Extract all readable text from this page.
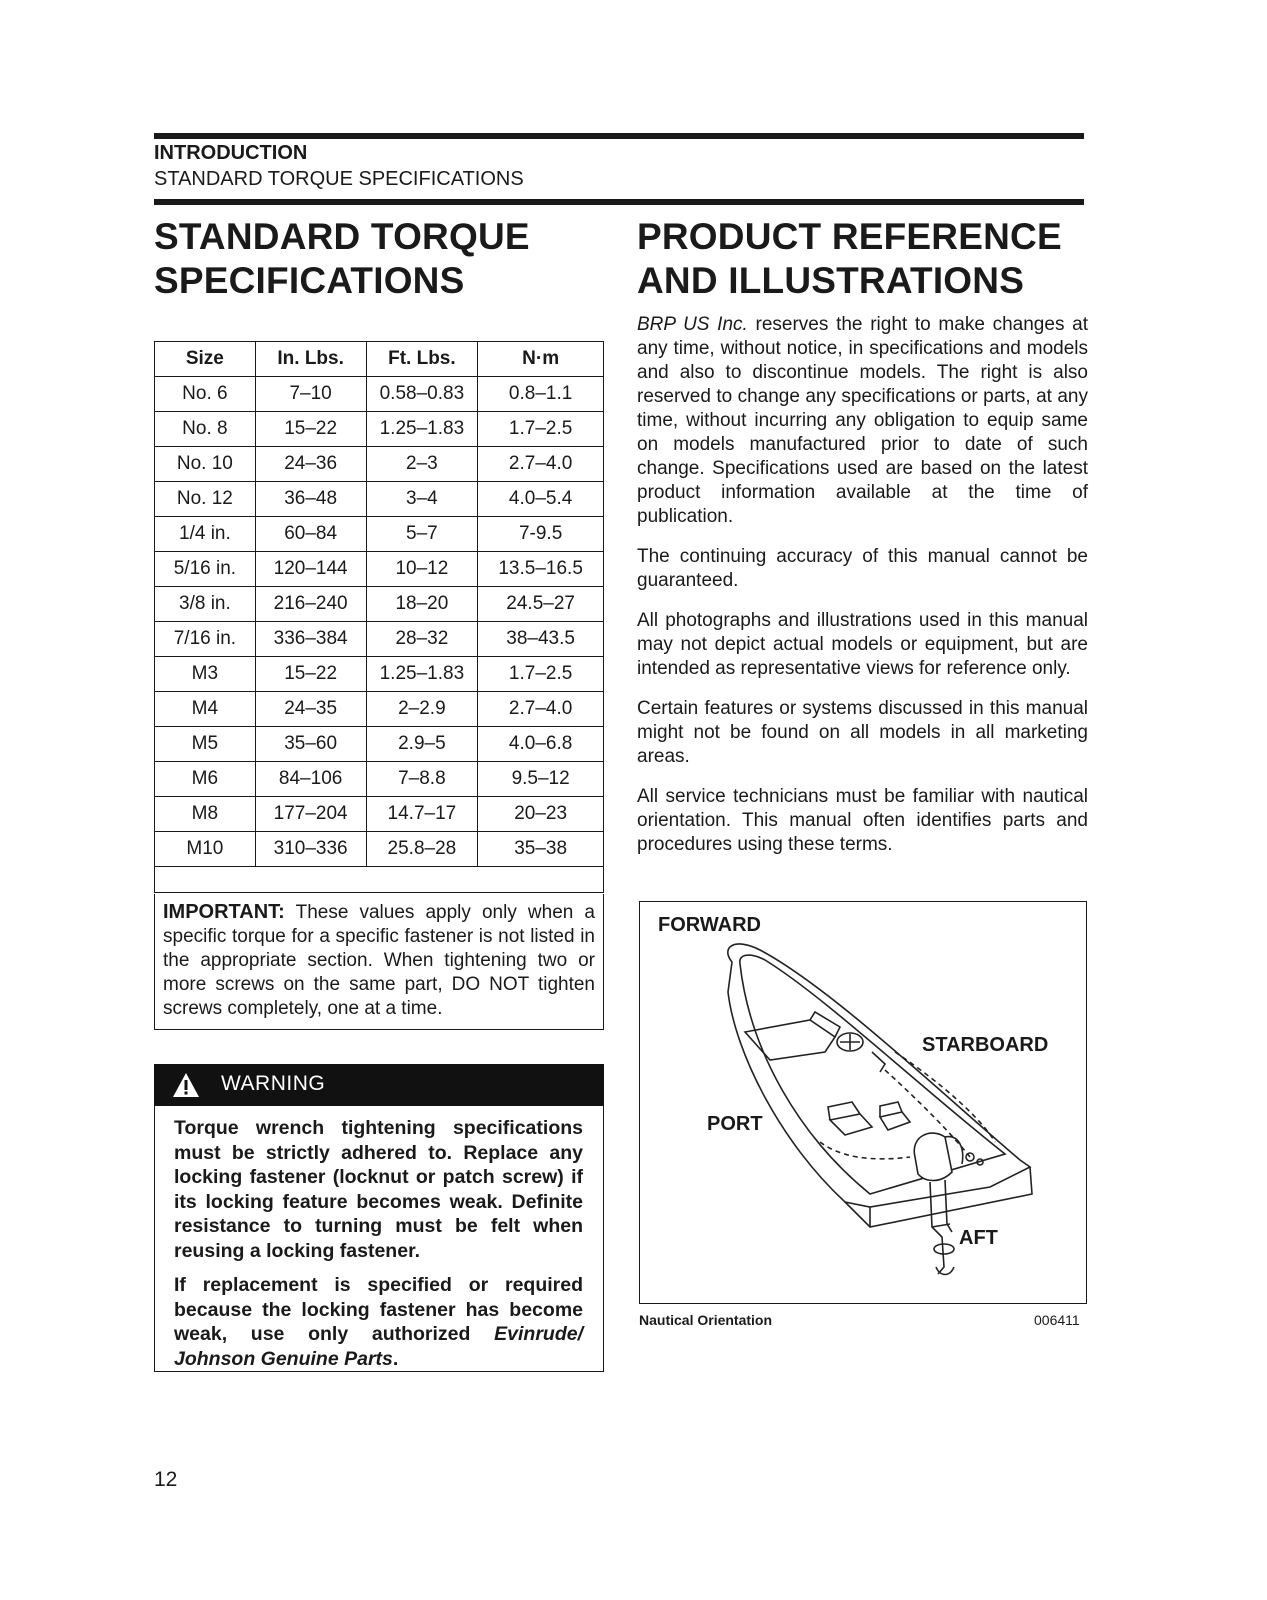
INTRODUCTION
STANDARD TORQUE SPECIFICATIONS
STANDARD TORQUE
SPECIFICATIONS
Size	In. Lbs.	Ft. Lbs.	N·m
No. 6	7–10	0.58–0.83	0.8–1.1
No. 8	15–22	1.25–1.83	1.7–2.5
No. 10	24–36	2–3	2.7–4.0
No. 12	36–48	3–4	4.0–5.4
1/4 in.	60–84	5–7	7-9.5
5/16 in.	120–144	10–12	13.5–16.5
3/8 in.	216–240	18–20	24.5–27
7/16 in.	336–384	28–32	38–43.5
M3	15–22	1.25–1.83	1.7–2.5
M4	24–35	2–2.9	2.7–4.0
M5	35–60	2.9–5	4.0–6.8
M6	84–106	7–8.8	9.5–12
M8	177–204	14.7–17	20–23
M10	310–336	25.8–28	35–38

IMPORTANT: These values apply only when a specific torque for a specific fastener is not listed in the appropriate section. When tightening two or more screws on the same part, DO NOT tighten screws completely, one at a time.
WARNING

Torque wrench tightening specifications must be strictly adhered to. Replace any locking fastener (locknut or patch screw) if its locking feature becomes weak. Definite resistance to turning must be felt when reusing a locking fastener.

If replacement is specified or required because the locking fastener has become weak, use only authorized Evinrude/ Johnson Genuine Parts.

PRODUCT REFERENCE
AND ILLUSTRATIONS

BRP US Inc. reserves the right to make changes at any time, without notice, in specifications and models and also to discontinue models. The right is also reserved to change any specifications or parts, at any time, without incurring any obligation to equip same on models manufactured prior to date of such change. Specifications used are based on the latest product information available at the time of publication.

The continuing accuracy of this manual cannot be guaranteed.

All photographs and illustrations used in this manual may not depict actual models or equipment, but are intended as representative views for reference only.

Certain features or systems discussed in this manual might not be found on all models in all marketing areas.

All service technicians must be familiar with nautical orientation. This manual often identifies parts and procedures using these terms.

FORWARD
STARBOARD
PORT
AFT
Nautical Orientation	006411
12
